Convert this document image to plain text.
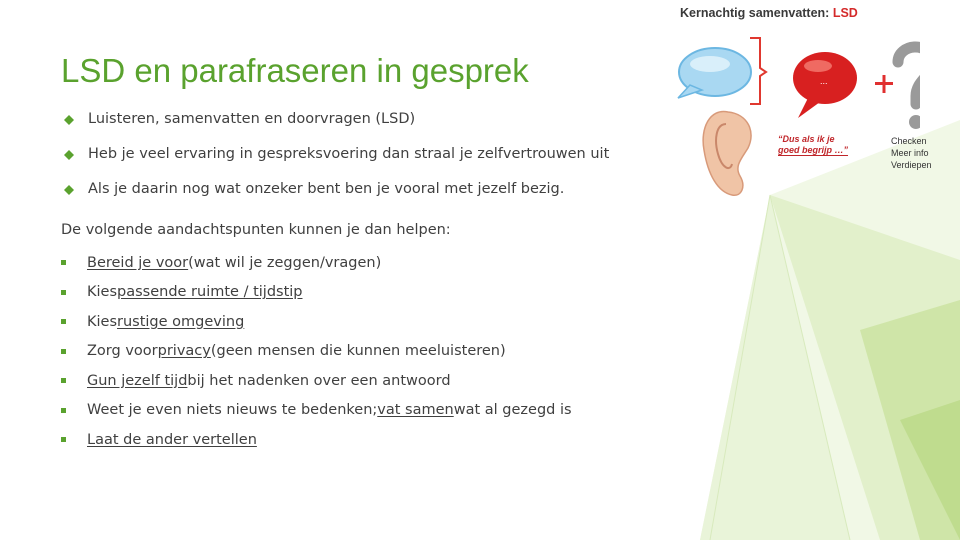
LSD en parafraseren in gesprek
Luisteren, samenvatten en doorvragen (LSD)
Heb je veel ervaring in gespreksvoering dan straal je zelfvertrouwen uit
Als je daarin nog wat onzeker bent ben je vooral met jezelf bezig.

De volgende aandachtspunten kunnen je dan helpen:

Bereid je voor (wat wil je zeggen/vragen)
Kies passende ruimte / tijdstip
Kies rustige omgeving
Zorg voor privacy (geen mensen die kunnen meeluisteren)
Gun jezelf tijd bij het nadenken over een antwoord
Weet je even niets nieuws te bedenken; vat samen wat al gezegd is
Laat de ander vertellen
Kernachtig samenvatten: LSD
...
“Dus als ik je
goed begrijp …”
Checken
Meer info
Verdiepen
